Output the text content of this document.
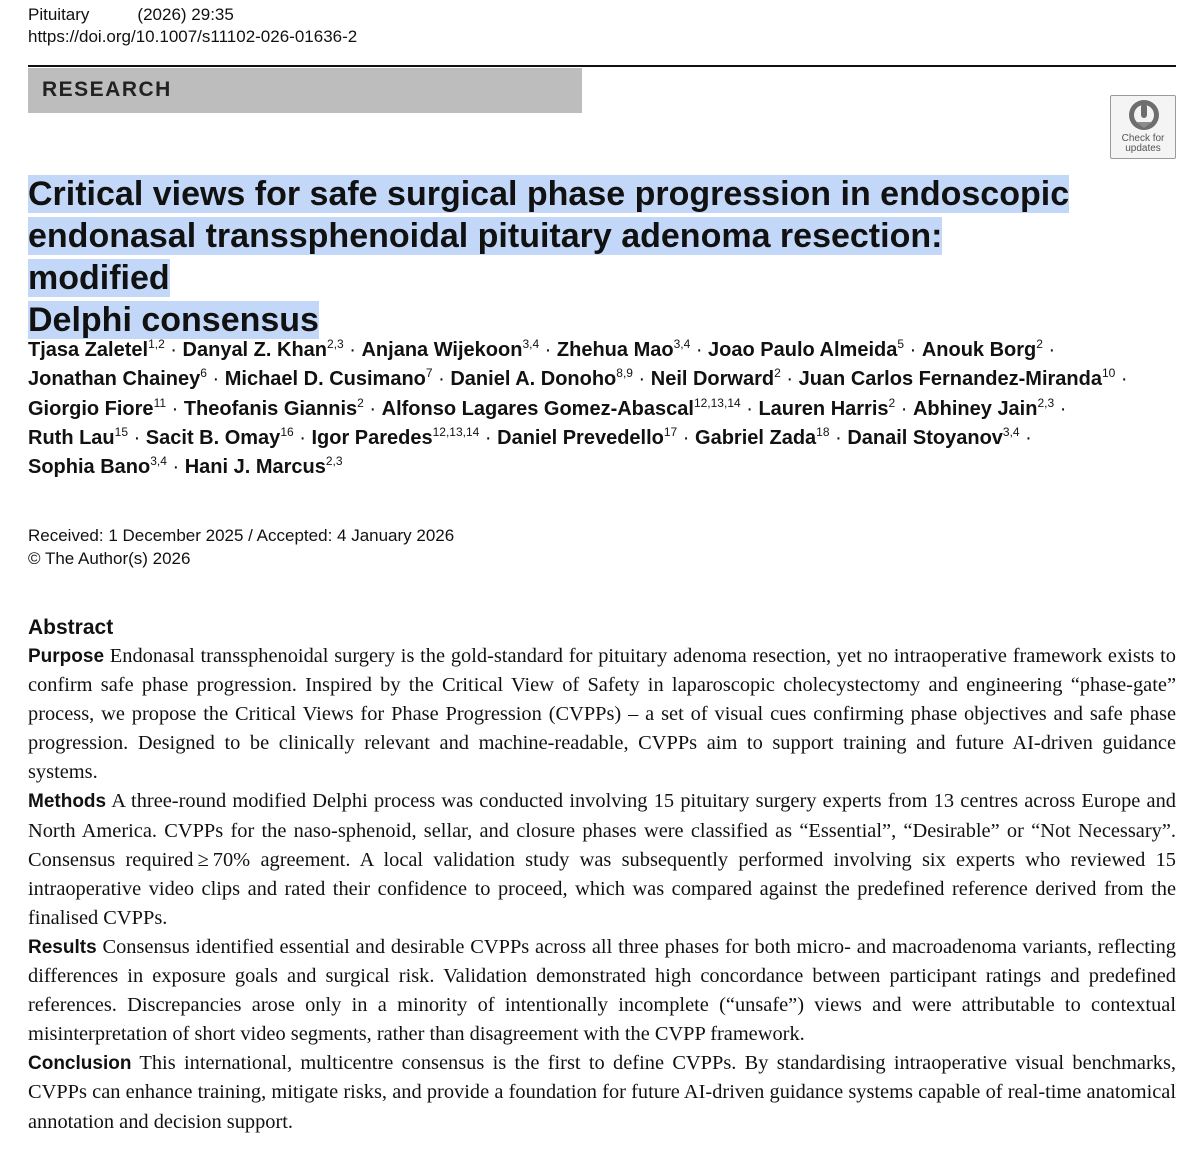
Pituitary	(2026) 29:35
https://doi.org/10.1007/s11102-026-01636-2
RESEARCH
Check for
updates
Critical views for safe surgical phase progression in endoscopic
endonasal transsphenoidal pituitary adenoma resection: modified
Delphi consensus
Tjasa Zaletel$^{1,2}$ · Danyal Z. Khan$^{2,3}$ · Anjana Wijekoon$^{3,4}$ · Zhehua Mao$^{3,4}$ · Joao Paulo Almeida$^5$ · Anouk Borg$^2$ ·
Jonathan Chainey$^6$ · Michael D. Cusimano$^7$ · Daniel A. Donoho$^{8,9}$ · Neil Dorward$^2$ · Juan Carlos Fernandez-Miranda$^{10}$ ·
Giorgio Fiore$^{11}$ · Theofanis Giannis$^2$ · Alfonso Lagares Gomez-Abascal$^{12,13,14}$ · Lauren Harris$^2$ · Abhiney Jain$^{2,3}$ ·
Ruth Lau$^{15}$ · Sacit B. Omay$^{16}$ · Igor Paredes$^{12,13,14}$ · Daniel Prevedello$^{17}$ · Gabriel Zada$^{18}$ · Danail Stoyanov$^{3,4}$ ·
Sophia Bano$^{3,4}$ · Hani J. Marcus$^{2,3}$
Received: 1 December 2025 / Accepted: 4 January 2026
© The Author(s) 2026
Abstract

Purpose Endonasal transsphenoidal surgery is the gold-standard for pituitary adenoma resection, yet no intraoperative framework exists to confirm safe phase progression. Inspired by the Critical View of Safety in laparoscopic cholecystectomy and engineering “phase-gate” process, we propose the Critical Views for Phase Progression (CVPPs) – a set of visual cues confirming phase objectives and safe phase progression. Designed to be clinically relevant and machine-readable, CVPPs aim to support training and future AI-driven guidance systems.

Methods A three-round modified Delphi process was conducted involving 15 pituitary surgery experts from 13 centres across Europe and North America. CVPPs for the naso-sphenoid, sellar, and closure phases were classified as “Essential”, “Desirable” or “Not Necessary”. Consensus required ≥ 70% agreement. A local validation study was subsequently performed involving six experts who reviewed 15 intraoperative video clips and rated their confidence to proceed, which was compared against the predefined reference derived from the finalised CVPPs.

Results Consensus identified essential and desirable CVPPs across all three phases for both micro- and macroadenoma variants, reflecting differences in exposure goals and surgical risk. Validation demonstrated high concordance between participant ratings and predefined references. Discrepancies arose only in a minority of intentionally incomplete (“unsafe”) views and were attributable to contextual misinterpretation of short video segments, rather than disagreement with the CVPP framework.

Conclusion This international, multicentre consensus is the first to define CVPPs. By standardising intraoperative visual benchmarks, CVPPs can enhance training, mitigate risks, and provide a foundation for future AI-driven guidance systems capable of real-time anatomical annotation and decision support.
